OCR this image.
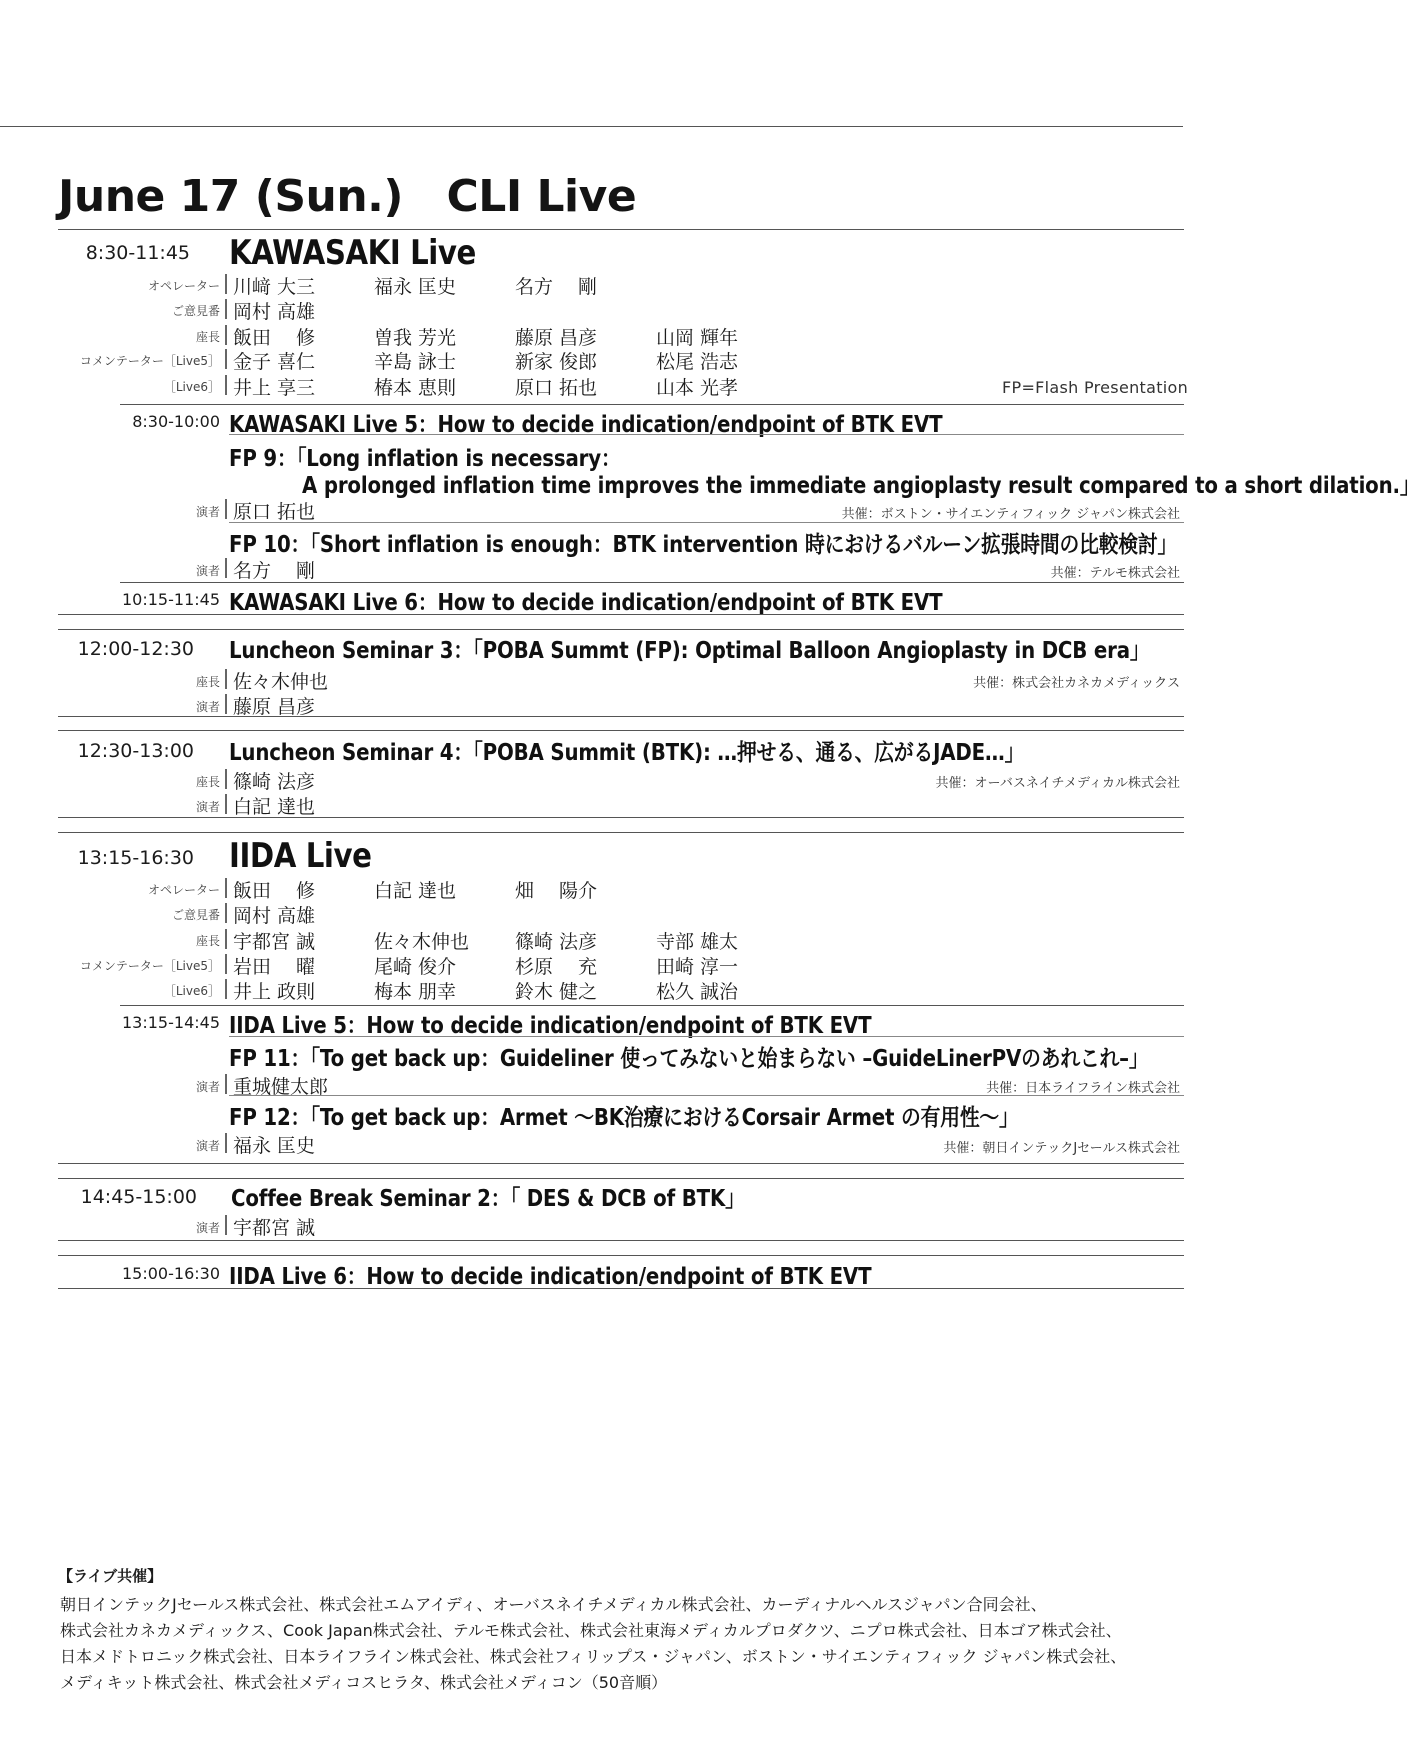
June 17 (Sun.)　CLI Live
8:30-11:45 KAWASAKI Live
オペレーター 川﨑 大三	福永 匡史	名方　 剛
ご意見番 岡村 高雄
座長 飯田　 修	曽我 芳光	藤原 昌彦	山岡 輝年
コメンテーター［Live5］ 金子 喜仁	辛島 詠士	新家 俊郎	松尾 浩志
［Live6］ 井上 享三	椿本 恵則	原口 拓也	山本 光孝	FP=Flash Presentation
8:30-10:00 KAWASAKI Live 5：How to decide indication/endpoint of BTK EVT
FP 9：「Long inflation is necessary：
A prolonged inflation time improves the immediate angioplasty result compared to a short dilation.」
演者 原口 拓也	共催：ボストン・サイエンティフィック ジャパン株式会社
FP 10：「Short inflation is enough：BTK intervention 時におけるバルーン拡張時間の比較検討」
演者 名方　 剛	共催：テルモ株式会社
10:15-11:45 KAWASAKI Live 6：How to decide indication/endpoint of BTK EVT
12:00-12:30 Luncheon Seminar 3：「POBA Summt (FP): Optimal Balloon Angioplasty in DCB era」
座長 佐々木伸也	共催：株式会社カネカメディックス
演者 藤原 昌彦
12:30-13:00 Luncheon Seminar 4：「POBA Summit (BTK): …押せる、通る、広がるJADE…」
座長 篠崎 法彦	共催：オーバスネイチメディカル株式会社
演者 白記 達也
13:15-16:30 IIDA Live
オペレーター 飯田　 修	白記 達也	畑　 陽介
ご意見番 岡村 高雄
座長 宇都宮 誠	佐々木伸也 篠崎 法彦	寺部 雄太
コメンテーター［Live5］ 岩田　 曜	尾崎 俊介	杉原　 充	田崎 淳一
［Live6］ 井上 政則	梅本 朋幸	鈴木 健之	松久 誠治
13:15-14:45 IIDA Live 5：How to decide indication/endpoint of BTK EVT
FP 11：「To get back up：Guideliner 使ってみないと始まらない –GuideLinerPVのあれこれ–」
演者 重城健太郎	共催：日本ライフライン株式会社
FP 12：「To get back up：Armet ～BK治療におけるCorsair Armet の有用性～」
演者 福永 匡史	共催：朝日インテックJセールス株式会社
14:45-15:00 Coffee Break Seminar 2：「 DES & DCB of BTK」
演者 宇都宮 誠
15:00-16:30 IIDA Live 6：How to decide indication/endpoint of BTK EVT
【ライブ共催】
朝日インテックJセールス株式会社、株式会社エムアイディ、オーバスネイチメディカル株式会社、カーディナルヘルスジャパン合同会社、
株式会社カネカメディックス、Cook Japan株式会社、テルモ株式会社、株式会社東海メディカルプロダクツ、ニプロ株式会社、日本ゴア株式会社、
日本メドトロニック株式会社、日本ライフライン株式会社、株式会社フィリップス・ジャパン、ボストン・サイエンティフィック ジャパン株式会社、
メディキット株式会社、株式会社メディコスヒラタ、株式会社メディコン（50音順）
